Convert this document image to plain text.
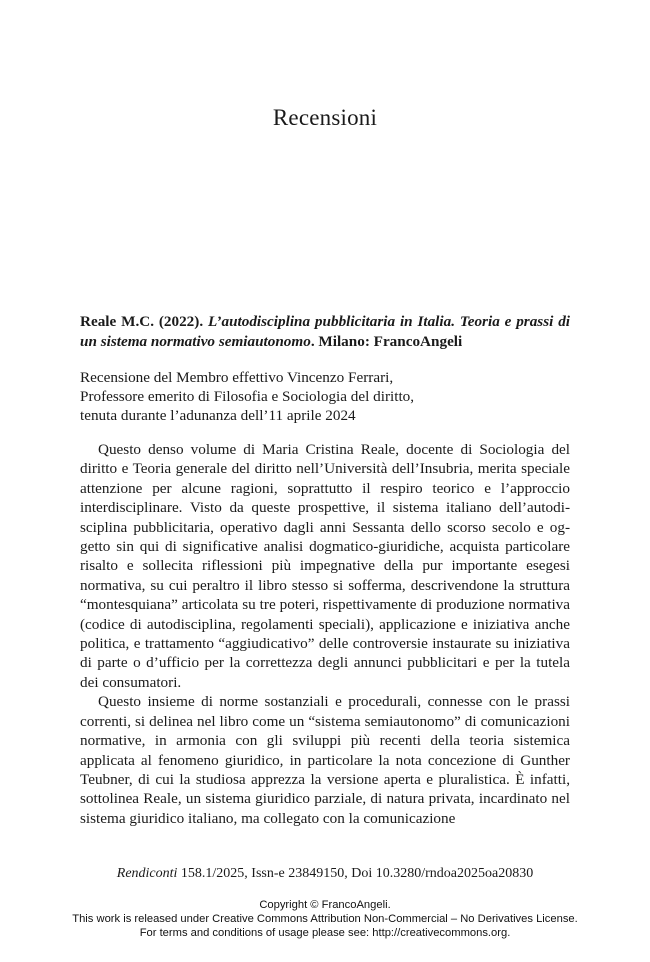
Recensioni
Reale M.C. (2022). L’autodisciplina pubblicitaria in Italia. Teoria e prassi di un sistema normativo semiautonomo. Milano: FrancoAngeli
Recensione del Membro effettivo Vincenzo Ferrari,
Professore emerito di Filosofia e Sociologia del diritto,
tenuta durante l’adunanza dell’11 aprile 2024

Questo denso volume di Maria Cristina Reale, docente di Sociologia del diritto e Teoria generale del diritto nell’Università dell’Insubria, merita speciale attenzione per alcune ragioni, soprattutto il respiro teorico e l’approccio interdisciplinare. Visto da queste prospettive, il sistema italiano dell’autodisciplina pubblicitaria, operativo dagli anni Sessanta dello scorso secolo e oggetto sin qui di significative analisi dogmatico-giuridiche, acquista particolare risalto e sollecita riflessioni più impegnative della pur importante esegesi normativa, su cui peraltro il libro stesso si sofferma, descrivendone la struttura “montesquiana” articolata su tre poteri, rispettivamente di produzione normativa (codice di autodisciplina, regolamenti speciali), applicazione e iniziativa anche politica, e trattamento “aggiudicativo” delle controversie instaurate su iniziativa di parte o d’ufficio per la correttezza degli annunci pubblicitari e per la tutela dei consumatori.

Questo insieme di norme sostanziali e procedurali, connesse con le prassi correnti, si delinea nel libro come un “sistema semiautonomo” di comunicazioni normative, in armonia con gli sviluppi più recenti della teoria sistemica applicata al fenomeno giuridico, in particolare la nota concezione di Gunther Teubner, di cui la studiosa apprezza la versione aperta e pluralistica. È infatti, sottolinea Reale, un sistema giuridico parziale, di natura privata, incardinato nel sistema giuridico italiano, ma collegato con la comunicazione

Rendiconti 158.1/2025, Issn-e 23849150, Doi 10.3280/rndoa2025oa20830
Copyright © FrancoAngeli.
This work is released under Creative Commons Attribution Non-Commercial – No Derivatives License.
For terms and conditions of usage please see: http://creativecommons.org.
